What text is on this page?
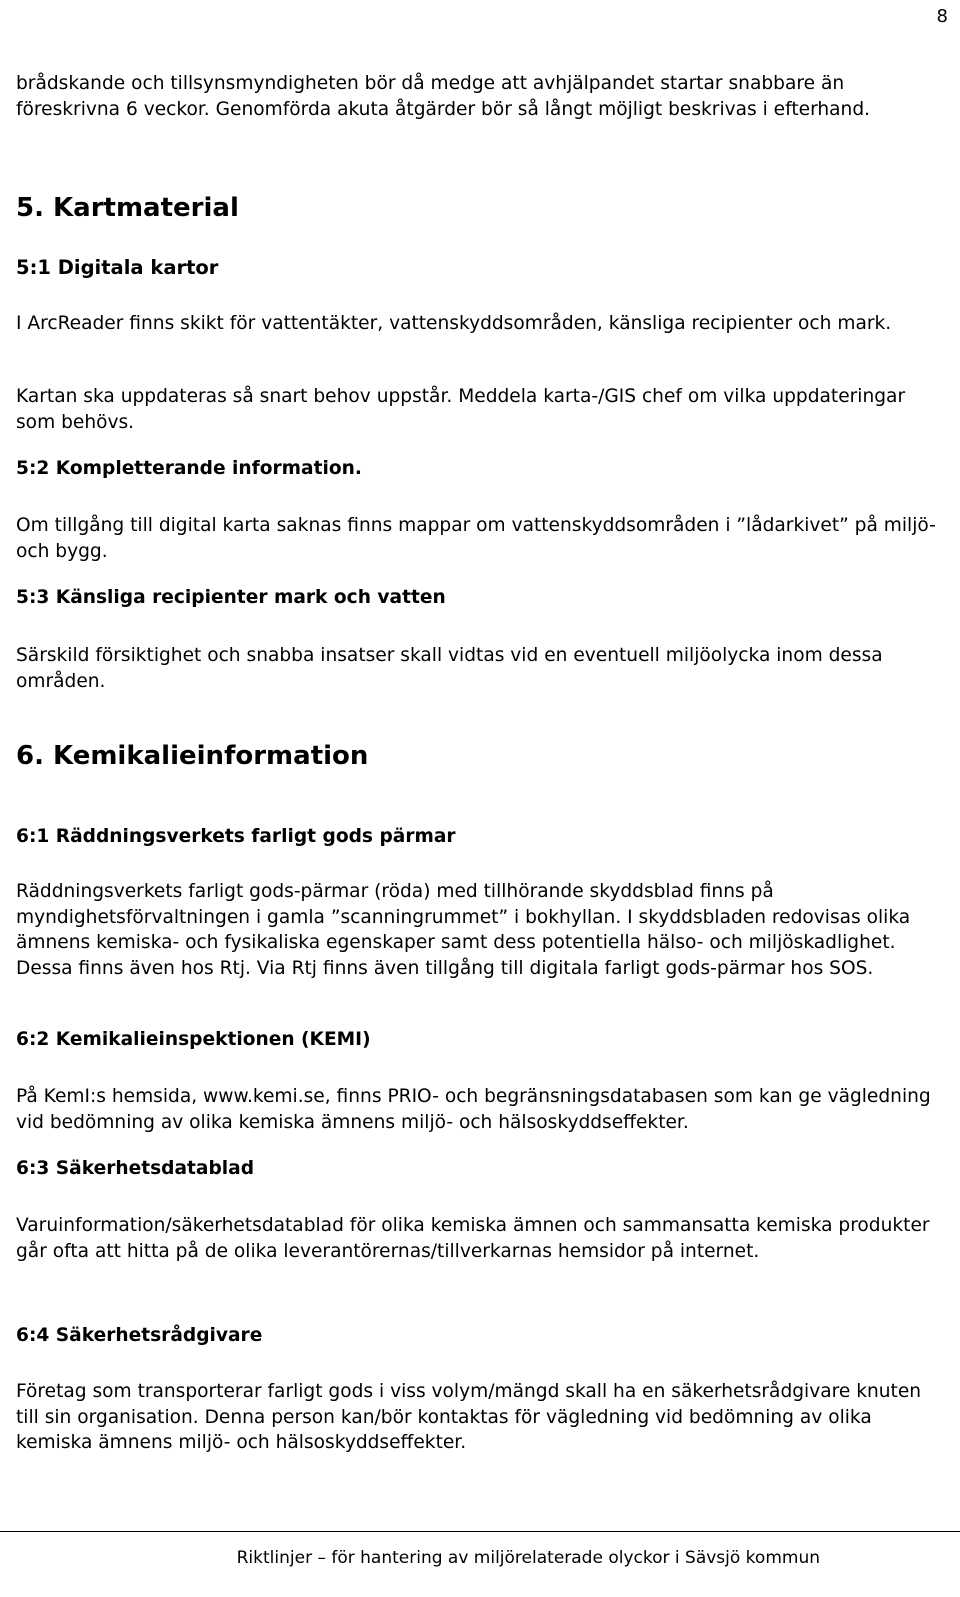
8

brådskande och tillsynsmyndigheten bör då medge att avhjälpandet startar snabbare än föreskrivna 6 veckor. Genomförda akuta åtgärder bör så långt möjligt beskrivas i efterhand.

5. Kartmaterial
5:1 Digitala kartor

I ArcReader finns skikt för vattentäkter, vattenskyddsområden, känsliga recipienter och mark.

Kartan ska uppdateras så snart behov uppstår. Meddela karta-/GIS chef om vilka uppdateringar som behövs.

5:2 Kompletterande information.

Om tillgång till digital karta saknas finns mappar om vattenskyddsområden i ”lådarkivet” på miljö- och bygg.

5:3 Känsliga recipienter mark och vatten

Särskild försiktighet och snabba insatser skall vidtas vid en eventuell miljöolycka inom dessa områden.

6. Kemikalieinformation
6:1 Räddningsverkets farligt gods pärmar

Räddningsverkets farligt gods-pärmar (röda) med tillhörande skyddsblad finns på myndighetsförvaltningen i gamla ”scanningrummet” i bokhyllan. I skyddsbladen redovisas olika ämnens kemiska- och fysikaliska egenskaper samt dess potentiella hälso- och miljöskadlighet. Dessa finns även hos Rtj. Via Rtj finns även tillgång till digitala farligt gods-pärmar hos SOS.

6:2 Kemikalieinspektionen (KEMI)

På KemI:s hemsida, www.kemi.se, finns PRIO- och begränsningsdatabasen som kan ge vägledning vid bedömning av olika kemiska ämnens miljö- och hälsoskyddseffekter.

6:3 Säkerhetsdatablad

Varuinformation/säkerhetsdatablad för olika kemiska ämnen och sammansatta kemiska produkter går ofta att hitta på de olika leverantörernas/tillverkarnas hemsidor på internet.

6:4 Säkerhetsrådgivare

Företag som transporterar farligt gods i viss volym/mängd skall ha en säkerhetsrådgivare knuten till sin organisation. Denna person kan/bör kontaktas för vägledning vid bedömning av olika kemiska ämnens miljö- och hälsoskyddseffekter.

Riktlinjer – för hantering av miljörelaterade olyckor i Sävsjö kommun
